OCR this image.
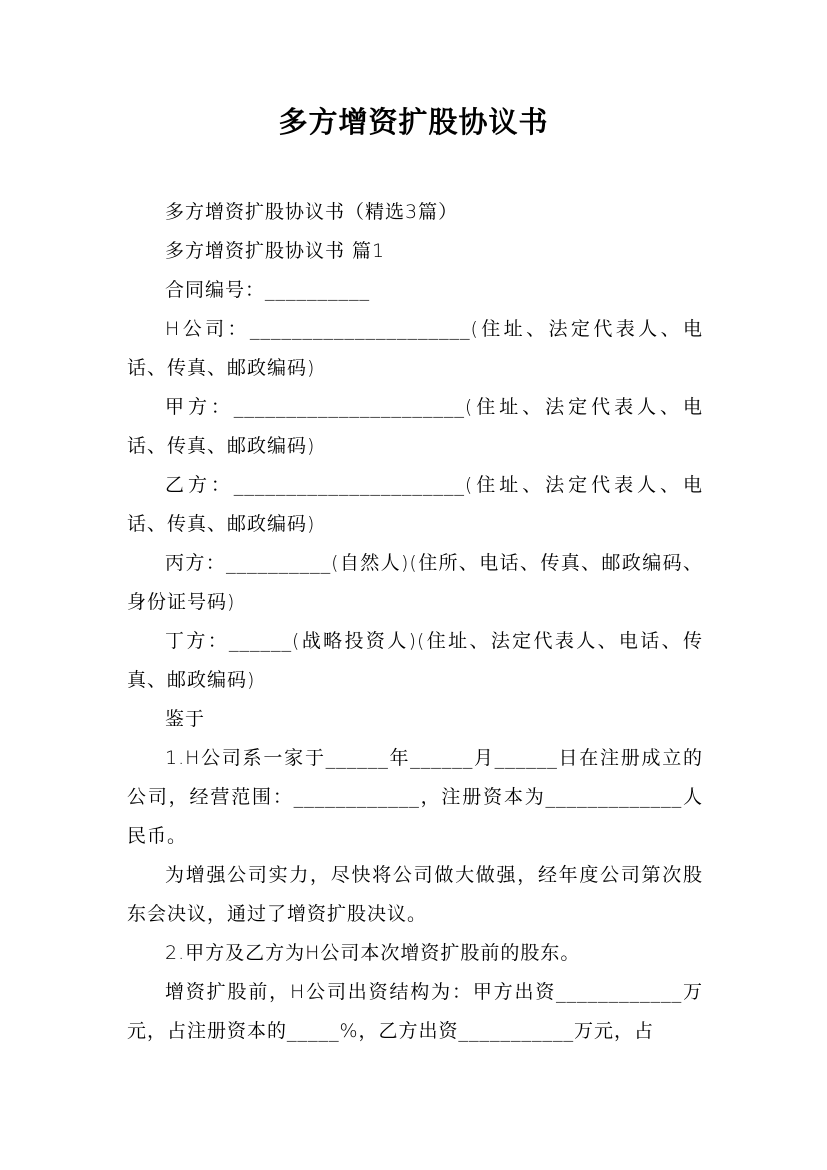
多方增资扩股协议书

多方增资扩股协议书（精选3篇）

多方增资扩股协议书 篇1

合同编号：__________

H公司：_____________________(住址、法定代表人、电话、传真、邮政编码)

甲方：______________________(住址、法定代表人、电话、传真、邮政编码)

乙方：______________________(住址、法定代表人、电话、传真、邮政编码)

丙方：__________(自然人)(住所、电话、传真、邮政编码、身份证号码)

丁方：______(战略投资人)(住址、法定代表人、电话、传真、邮政编码)

鉴于

1.H公司系一家于______年______月______日在注册成立的公司，经营范围：____________，注册资本为_____________人民币。

为增强公司实力，尽快将公司做大做强，经年度公司第次股东会决议，通过了增资扩股决议。

2.甲方及乙方为H公司本次增资扩股前的股东。

增资扩股前，H公司出资结构为：甲方出资____________万元，占注册资本的_____%，乙方出资___________万元，占
